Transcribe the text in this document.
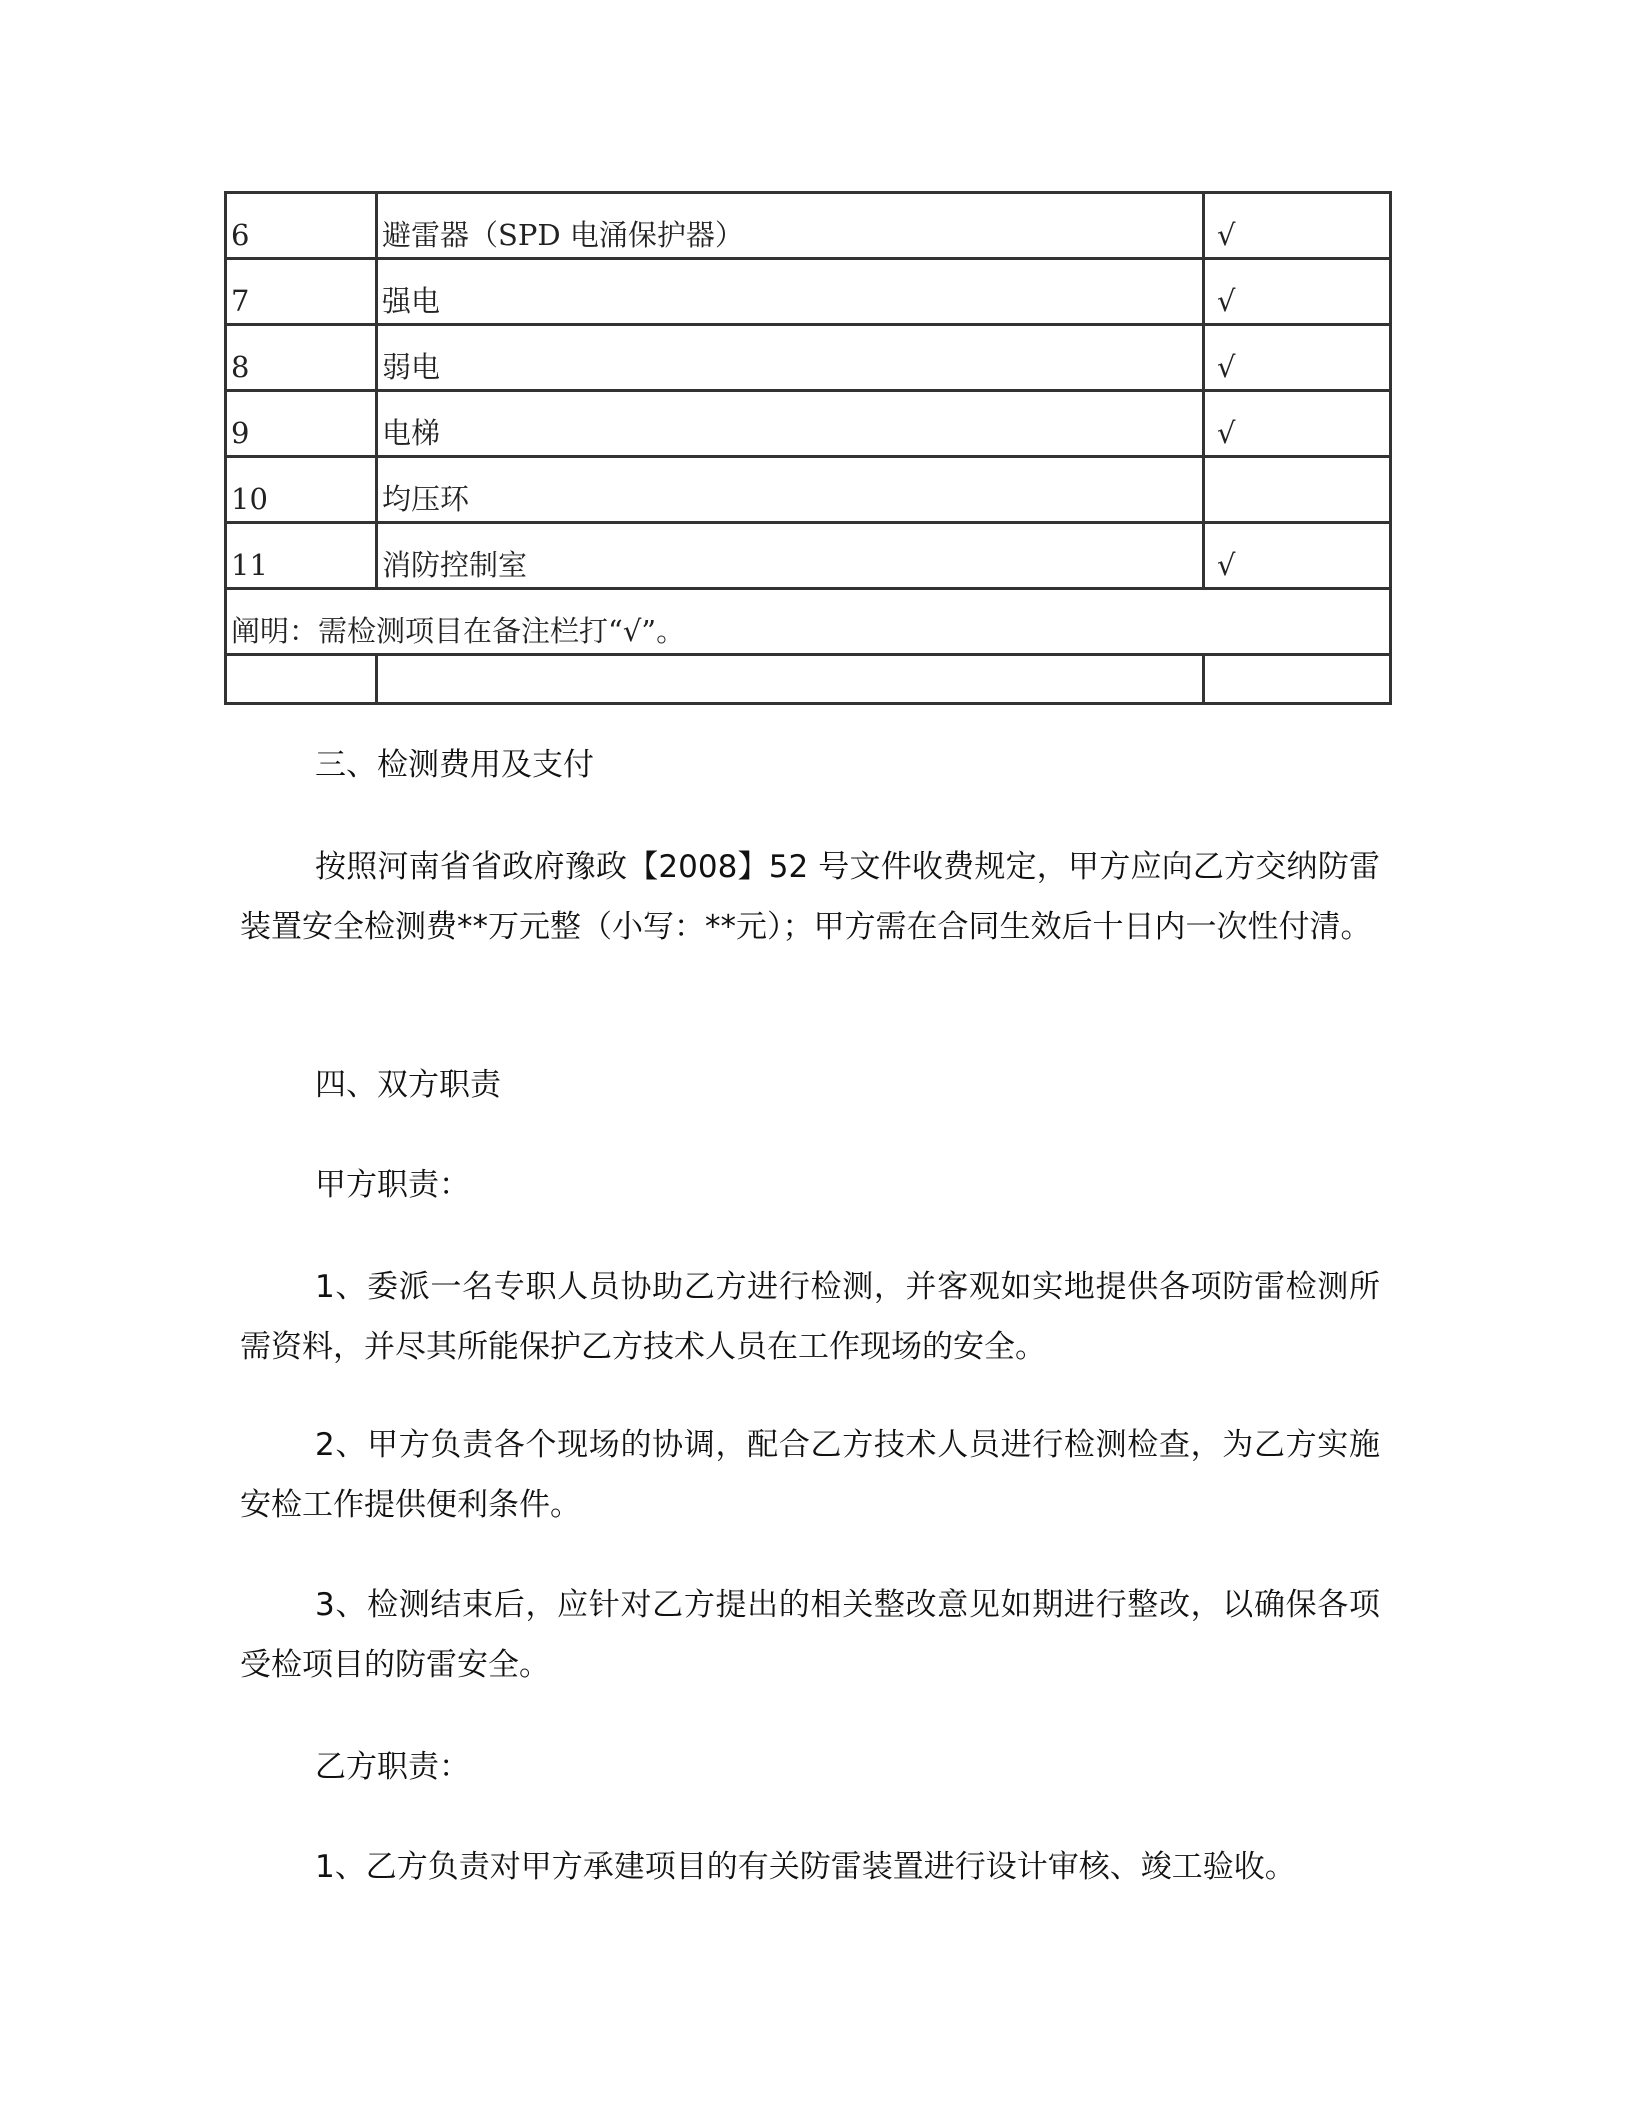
6	避雷器（SPD 电涌保护器）	√
7	强电	√
8	弱电	√
9	电梯	√
10	均压环	
11	消防控制室	√
阐明：需检测项目在备注栏打“√”。		

三、检测费用及支付
按照河南省省政府豫政【2008】52 号文件收费规定，甲方应向乙方交纳防雷装置安全检测费**万元整（小写：**元）；甲方需在合同生效后十日内一次性付清。
四、双方职责
甲方职责：
1、委派一名专职人员协助乙方进行检测，并客观如实地提供各项防雷检测所需资料，并尽其所能保护乙方技术人员在工作现场的安全。
2、甲方负责各个现场的协调，配合乙方技术人员进行检测检查，为乙方实施安检工作提供便利条件。
3、检测结束后，应针对乙方提出的相关整改意见如期进行整改，以确保各项受检项目的防雷安全。
乙方职责：
1、乙方负责对甲方承建项目的有关防雷装置进行设计审核、竣工验收。
